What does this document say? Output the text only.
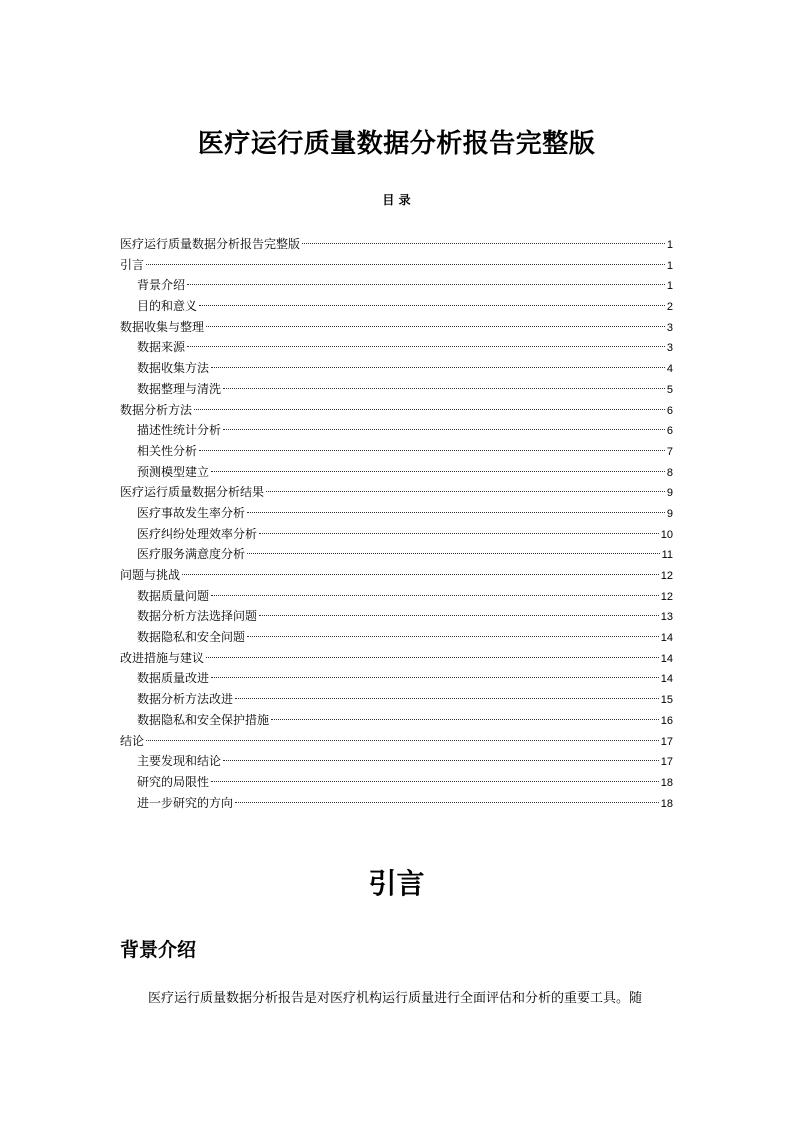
医疗运行质量数据分析报告完整版
目 录
医疗运行质量数据分析报告完整版	1
引言	1
背景介绍	1
目的和意义	2
数据收集与整理	3
数据来源	3
数据收集方法	4
数据整理与清洗	5
数据分析方法	6
描述性统计分析	6
相关性分析	7
预测模型建立	8
医疗运行质量数据分析结果	9
医疗事故发生率分析	9
医疗纠纷处理效率分析	10
医疗服务满意度分析	11
问题与挑战	12
数据质量问题	12
数据分析方法选择问题	13
数据隐私和安全问题	14
改进措施与建议	14
数据质量改进	14
数据分析方法改进	15
数据隐私和安全保护措施	16
结论	17
主要发现和结论	17
研究的局限性	18
进一步研究的方向	18
引言
背景介绍
医疗运行质量数据分析报告是对医疗机构运行质量进行全面评估和分析的重要工具。随
